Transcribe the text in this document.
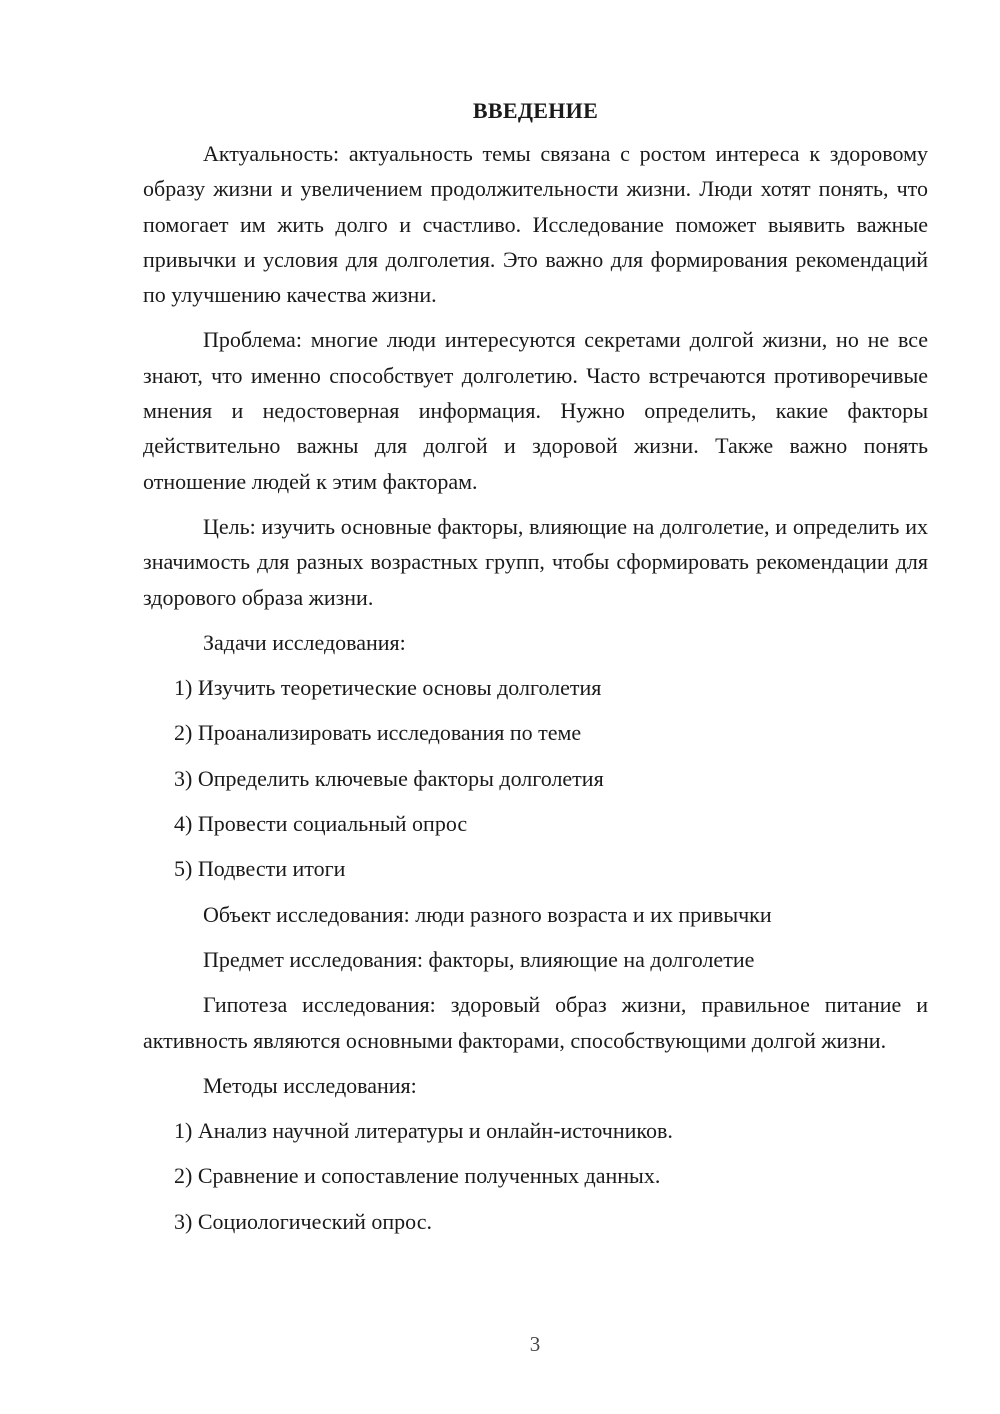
ВВЕДЕНИЕ

Актуальность: актуальность темы связана с ростом интереса к здоровому образу жизни и увеличением продолжительности жизни. Люди хотят понять, что помогает им жить долго и счастливо. Исследование поможет выявить важные привычки и условия для долголетия. Это важно для формирования рекомендаций по улучшению качества жизни.

Проблема: многие люди интересуются секретами долгой жизни, но не все знают, что именно способствует долголетию. Часто встречаются противоречивые мнения и недостоверная информация. Нужно определить, какие факторы действительно важны для долгой и здоровой жизни. Также важно понять отношение людей к этим факторам.

Цель: изучить основные факторы, влияющие на долголетие, и определить их значимость для разных возрастных групп, чтобы сформировать рекомендации для здорового образа жизни.

Задачи исследования:

1) Изучить теоретические основы долголетия
2) Проанализировать исследования по теме
3) Определить ключевые факторы долголетия
4) Провести социальный опрос
5) Подвести итоги

Объект исследования: люди разного возраста и их привычки

Предмет исследования: факторы, влияющие на долголетие

Гипотеза исследования: здоровый образ жизни, правильное питание и активность являются основными факторами, способствующими долгой жизни.

Методы исследования:

1) Анализ научной литературы и онлайн-источников.
2) Сравнение и сопоставление полученных данных.
3) Социологический опрос.
3
